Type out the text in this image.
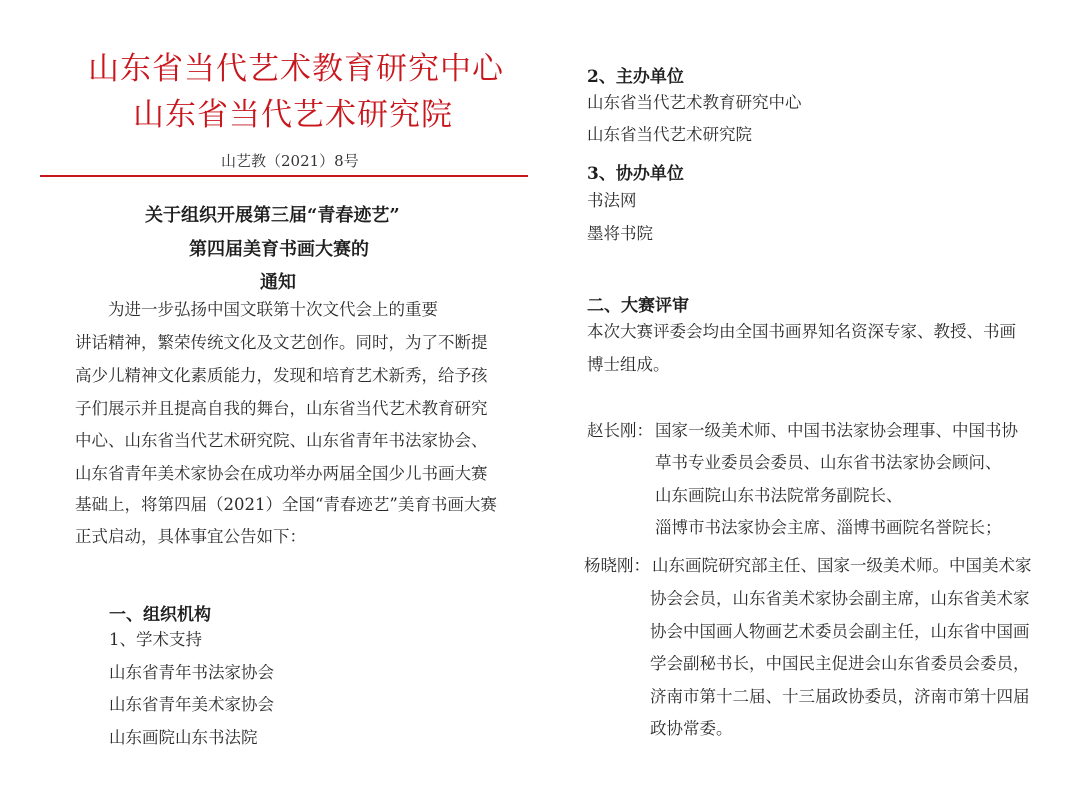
山东省当代艺术教育研究中心
山东省当代艺术研究院
山艺教（2021）8号
关于组织开展第三届“青春迹艺”
第四届美育书画大赛的
通知
为进一步弘扬中国文联第十次文代会上的重要
讲话精神，繁荣传统文化及文艺创作。同时，为了不断提
高少儿精神文化素质能力，发现和培育艺术新秀，给予孩
子们展示并且提高自我的舞台，山东省当代艺术教育研究
中心、山东省当代艺术研究院、山东省青年书法家协会、
山东省青年美术家协会在成功举办两届全国少儿书画大赛
基础上，将第四届（2021）全国“青春迹艺”美育书画大赛
正式启动，具体事宜公告如下：
一、组织机构
1、学术支持
山东省青年书法家协会
山东省青年美术家协会
山东画院山东书法院
2、主办单位
山东省当代艺术教育研究中心
山东省当代艺术研究院
3、协办单位
书法网
墨将书院
二、大赛评审
本次大赛评委会均由全国书画界知名资深专家、教授、书画
博士组成。
赵长刚： 国家一级美术师、中国书法家协会理事、中国书协
草书专业委员会委员、山东省书法家协会顾问、
山东画院山东书法院常务副院长、
淄博市书法家协会主席、淄博书画院名誉院长；
杨晓刚： 山东画院研究部主任、国家一级美术师。中国美术家
协会会员，山东省美术家协会副主席，山东省美术家
协会中国画人物画艺术委员会副主任，山东省中国画
学会副秘书长，中国民主促进会山东省委员会委员，
济南市第十二届、十三届政协委员，济南市第十四届
政协常委。
